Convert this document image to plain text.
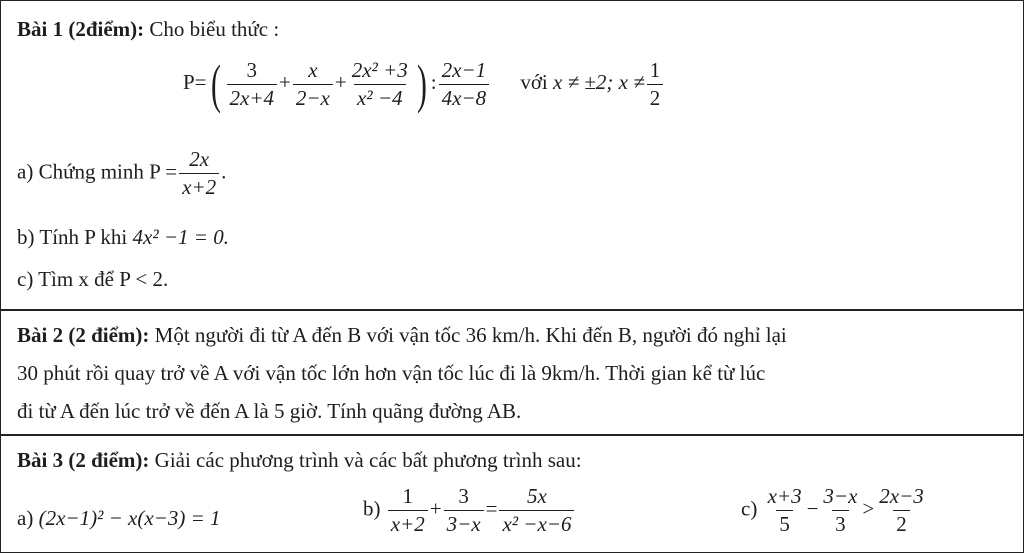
Bài 1 (2điểm): Cho biểu thức :
$P=( \frac{3}{2x+4} + \frac{x}{2-x} + \frac{\text{2x² +3}}{\text{x² −4}}$ ) : $\frac{2x-1}{4x-8}$ với x ≠ ±2; $x \ne \frac{1}{2}$
a) Chứng minh $P = \frac{2x}{x+2}$ .
b) Tính P khi 4x² −1 = 0.
c) Tìm x để P < 2.
Bài 2 (2 điểm): Một người đi từ A đến B với vận tốc 36 km/h. Khi đến B, người đó nghỉ lại
30 phút rồi quay trở về A với vận tốc lớn hơn vận tốc lúc đi là 9km/h. Thời gian kể từ lúc
đi từ A đến lúc trở về đến A là 5 giờ. Tính quãng đường AB.
Bài 3 (2 điểm): Giải các phương trình và các bất phương trình sau:
a) (2x−1)² − x(x−3) = 1	$b) \frac{1}{x+2} + \frac{3}{3-x} = \frac{5x}{\text{x² −x−6}}$	$c) \frac{x+3}{5} - \frac{3-x}{3} > \frac{2x-3}{2}$
